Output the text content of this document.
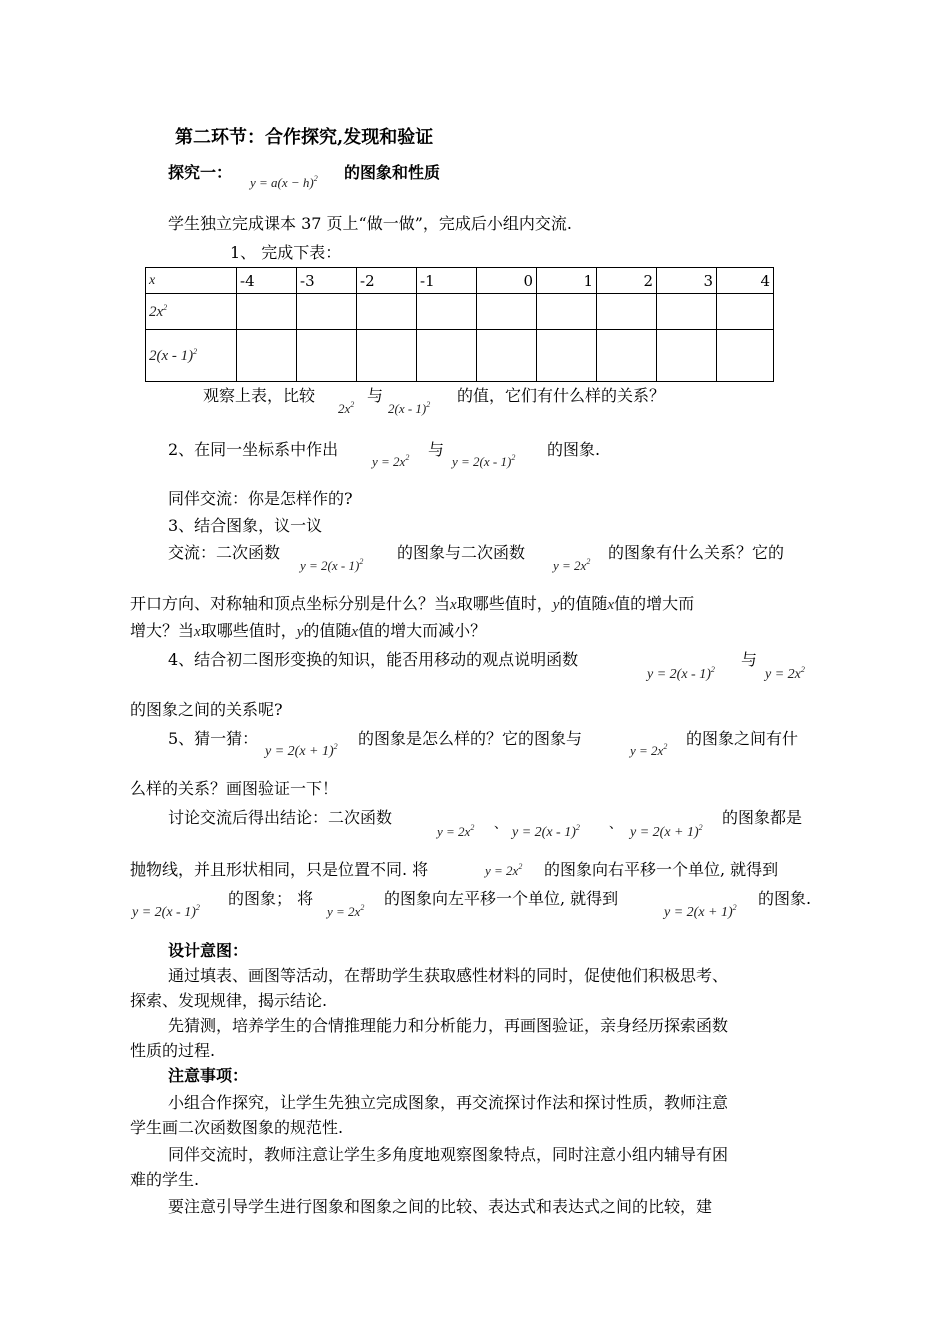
第二环节：合作探究,发现和验证
探究一：
$y = a(x - h)^2$ 的图象和性质
学生独立完成课本 37 页上“做一做”，完成后小组内交流.
1、 完成下表：
x	-4	-3	-2	-1	0	1	2	3	4
$2x^2$									
2(x - 1)$^2$									
观察上表，比较
$2x^2$ 与
2(x - 1)$^2$ 的值，它们有什么样的关系？
2、在同一坐标系中作出
$y = 2x^2$ 与
y = 2(x - 1)$^2$ 的图象.
同伴交流：你是怎样作的?
3、结合图象，议一议
交流：二次函数
y = 2(x - 1)$^2$ 的图象与二次函数
$y = 2x^2$ 的图象有什么关系？它的
开口方向、对称轴和顶点坐标分别是什么？当x取哪些值时，y的值随x值的增大而
增大？当x取哪些值时，y的值随x值的增大而减小？
4、结合初二图形变换的知识，能否用移动的观点说明函数
y = 2(x - 1)$^2$
与
$y = 2x^2$
的图象之间的关系呢?
5、猜一猜：
$y = 2(x + 1)^2$ 的图象是怎么样的？它的图象与
$y = 2x^2$ 的图象之间有什
么样的关系？画图验证一下！
讨论交流后得出结论：二次函数
$y = 2x^2$ 、
y = 2(x - 1)$^2$ 、
$y = 2(x + 1)^2$
的图象都是
抛物线，并且形状相同，只是位置不同. 将	$y = 2x^2$ 的图象向右平移一个单位, 就得到
y = 2(x - 1)$^2$ 的图象； 将
$y = 2x^2$ 的图象向左平移一个单位, 就得到
$y = 2(x + 1)^2$ 的图象.
设计意图：
通过填表、画图等活动，在帮助学生获取感性材料的同时，促使他们积极思考、
探索、发现规律，揭示结论.
先猜测，培养学生的合情推理能力和分析能力，再画图验证，亲身经历探索函数
性质的过程.
注意事项：
小组合作探究，让学生先独立完成图象，再交流探讨作法和探讨性质，教师注意
学生画二次函数图象的规范性.
同伴交流时，教师注意让学生多角度地观察图象特点，同时注意小组内辅导有困
难的学生.
要注意引导学生进行图象和图象之间的比较、表达式和表达式之间的比较，建
